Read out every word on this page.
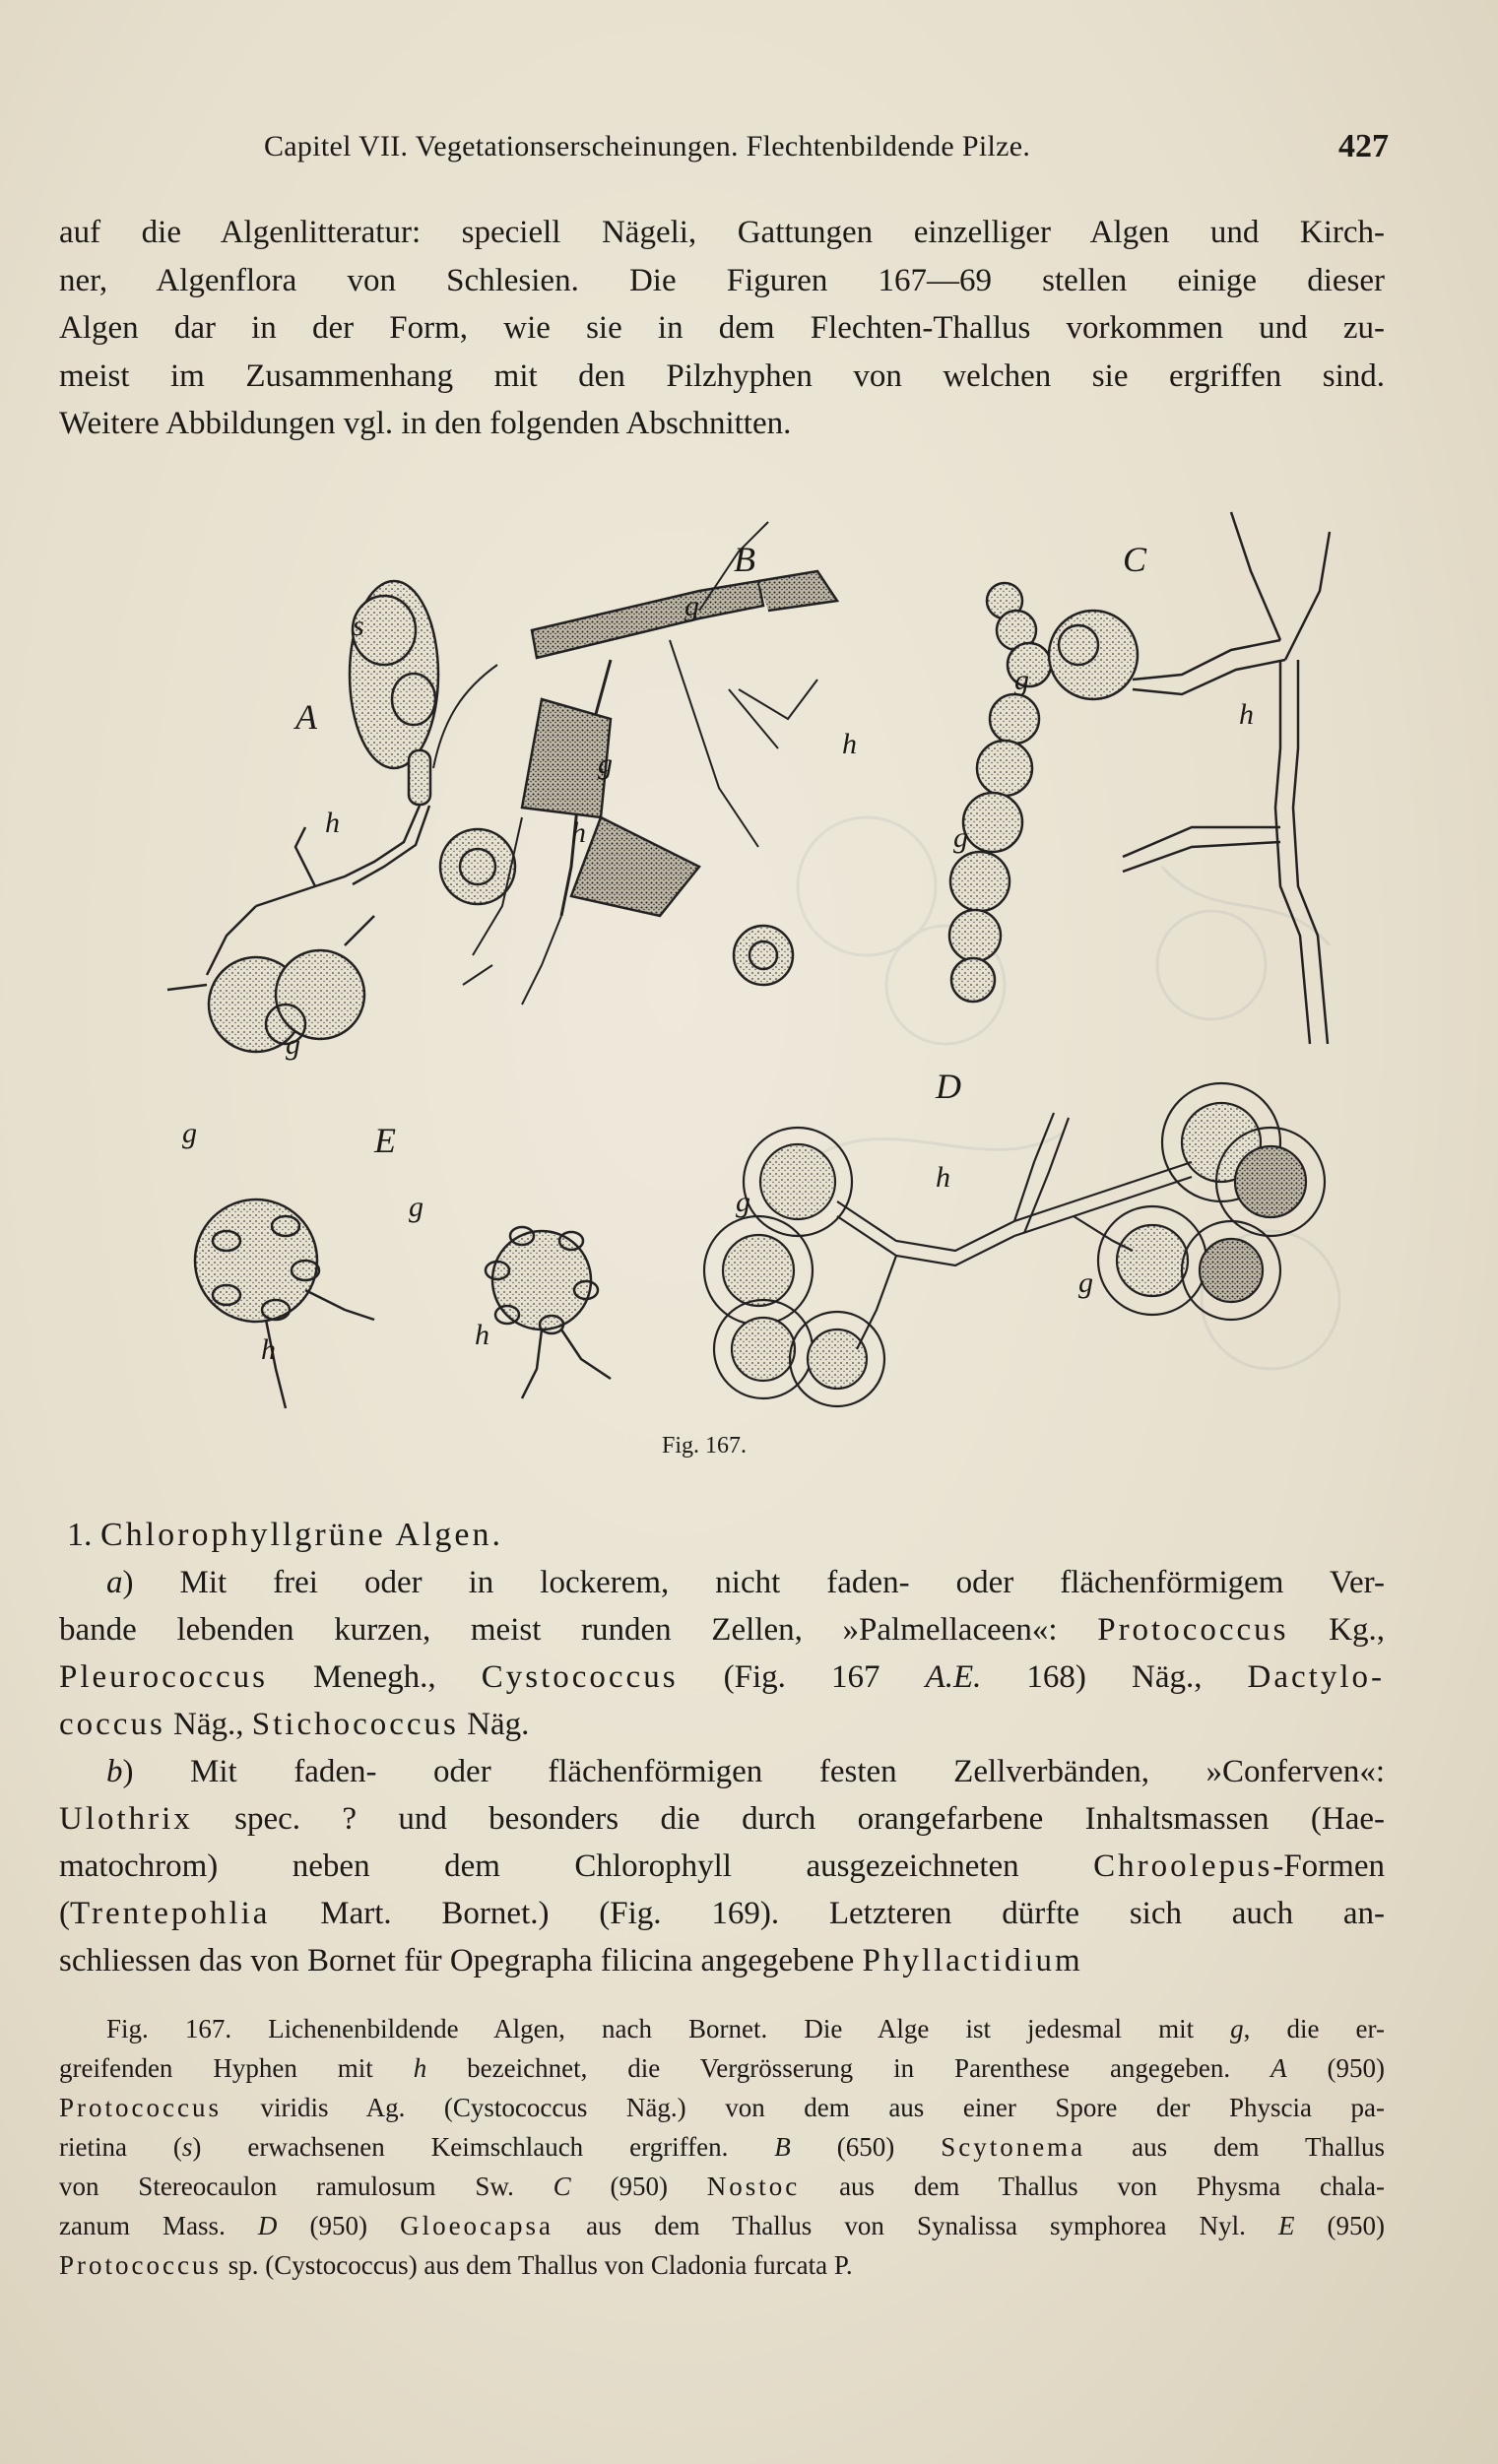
Capitel VII. Vegetationserscheinungen. Flechtenbildende Pilze.	427
auf die Algenlitteratur: speciell Nägeli, Gattungen einzelliger Algen und Kirch-
ner, Algenflora von Schlesien. Die Figuren 167—69 stellen einige dieser
Algen dar in der Form, wie sie in dem Flechten-Thallus vorkommen und zu-
meist im Zusammenhang mit den Pilzhyphen von welchen sie ergriffen sind.
Weitere Abbildungen vgl. in den folgenden Abschnitten.
A
B	C
D
E
s
h
g
g
g
h
h
g
g
h
h
g
g
g
h
g
h
Fig. 167.
1. Chlorophyllgrüne Algen.
a) Mit frei oder in lockerem, nicht faden- oder flächenförmigem Ver-
bande lebenden kurzen, meist runden Zellen, »Palmellaceen«: Protococcus Kg.,
Pleurococcus Menegh., Cystococcus (Fig. 167 A.E. 168) Näg., Dactylo-
coccus Näg., Stichococcus Näg.
b) Mit faden- oder flächenförmigen festen Zellverbänden, »Conferven«:
Ulothrix spec. ? und besonders die durch orangefarbene Inhaltsmassen (Hae-
matochrom) neben dem Chlorophyll ausgezeichneten Chroolepus-Formen
(Trentepohlia Mart. Bornet.) (Fig. 169). Letzteren dürfte sich auch an-
schliessen das von Bornet für Opegrapha filicina angegebene Phyllactidium
Fig. 167. Lichenenbildende Algen, nach Bornet. Die Alge ist jedesmal mit g, die er-
greifenden Hyphen mit h bezeichnet, die Vergrösserung in Parenthese angegeben. A (950)
Protococcus viridis Ag. (Cystococcus Näg.) von dem aus einer Spore der Physcia pa-
rietina (s) erwachsenen Keimschlauch ergriffen. B (650) Scytonema aus dem Thallus
von Stereocaulon ramulosum Sw. C (950) Nostoc aus dem Thallus von Physma chala-
zanum Mass. D (950) Gloeocapsa aus dem Thallus von Synalissa symphorea Nyl. E (950)
Protococcus sp. (Cystococcus) aus dem Thallus von Cladonia furcata P.
